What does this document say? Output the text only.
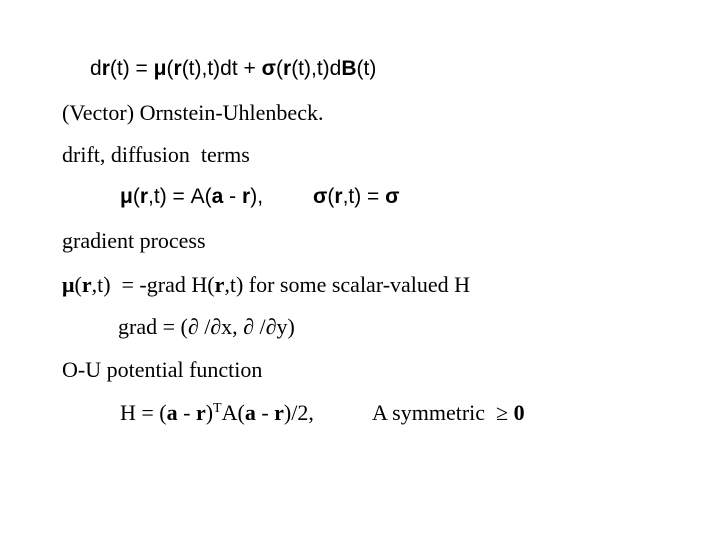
dr(t) = μ(r(t),t)dt + σ(r(t),t)dB(t)
(Vector) Ornstein-Uhlenbeck.
drift, diffusion  terms
μ(r,t) = A(a - r), σ(r,t) = σ
gradient process
μ(r,t)  = -grad H(r,t) for some scalar-valued H
grad = (∂ /∂x, ∂ /∂y)
O-U potential function
H = (a - r)$^T$A(a - r)/2,	A symmetric  ≥ 0
